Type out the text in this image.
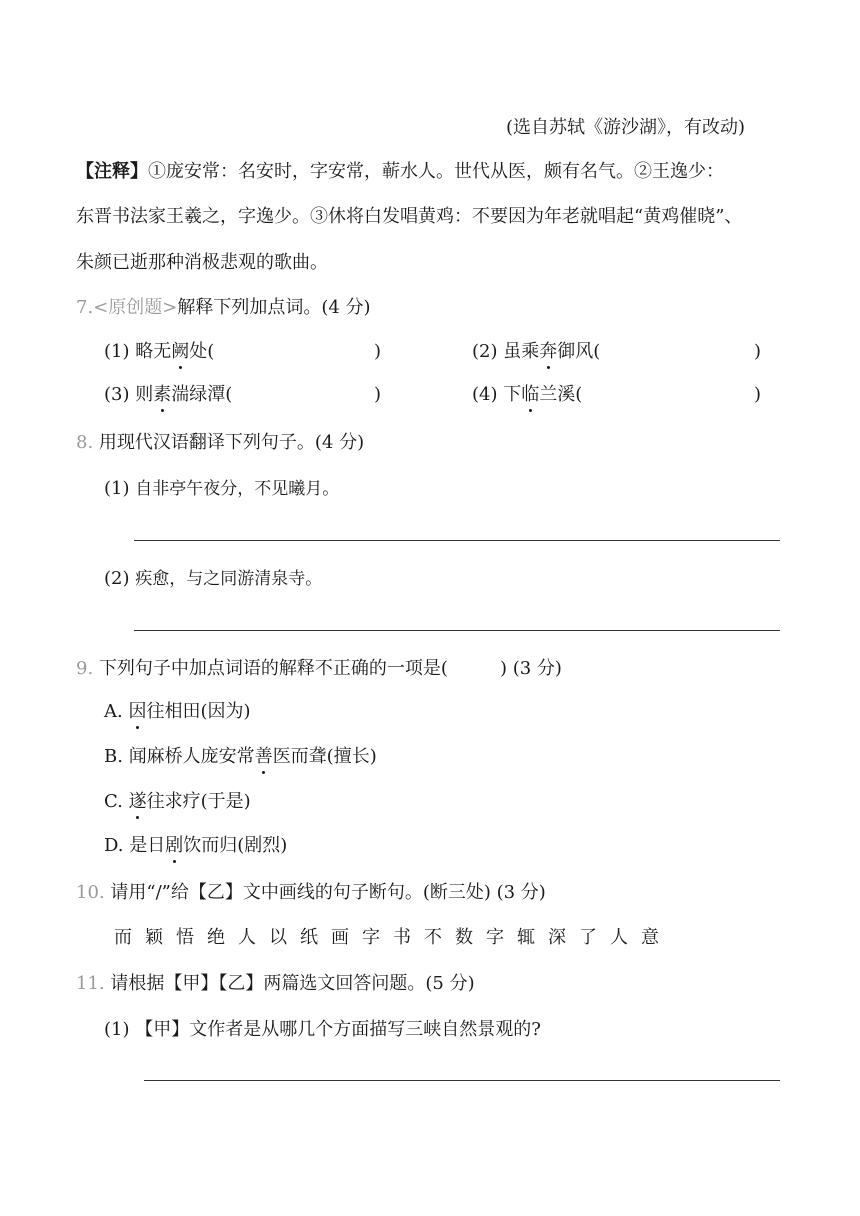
(选自苏轼《游沙湖》，有改动)
【注释】①庞安常：名安时，字安常，蕲水人。世代从医，颇有名气。②王逸少：
东晋书法家王羲之，字逸少。③休将白发唱黄鸡：不要因为年老就唱起“黄鸡催晓”、
朱颜已逝那种消极悲观的歌曲。
7.<原创题>解释下列加点词。(4 分)
(1) 略无阙处(	)	(2) 虽乘奔御风(	)
(3) 则素湍绿潭(	)	(4) 下临兰溪(	)
8. 用现代汉语翻译下列句子。(4 分)
(1) 自非亭午夜分，不见曦月。
(2) 疾愈，与之同游清泉寺。
9. 下列句子中加点词语的解释不正确的一项是(	) (3 分)
A. 因往相田(因为)
B. 闻麻桥人庞安常善医而聋(擅长)
C. 遂往求疗(于是)
D. 是日剧饮而归(剧烈)
10. 请用“/”给【乙】文中画线的句子断句。(断三处) (3 分)
而颖悟绝人以纸画字书不数字辄深了人意
11. 请根据【甲】【乙】两篇选文回答问题。(5 分)
(1) 【甲】文作者是从哪几个方面描写三峡自然景观的?
